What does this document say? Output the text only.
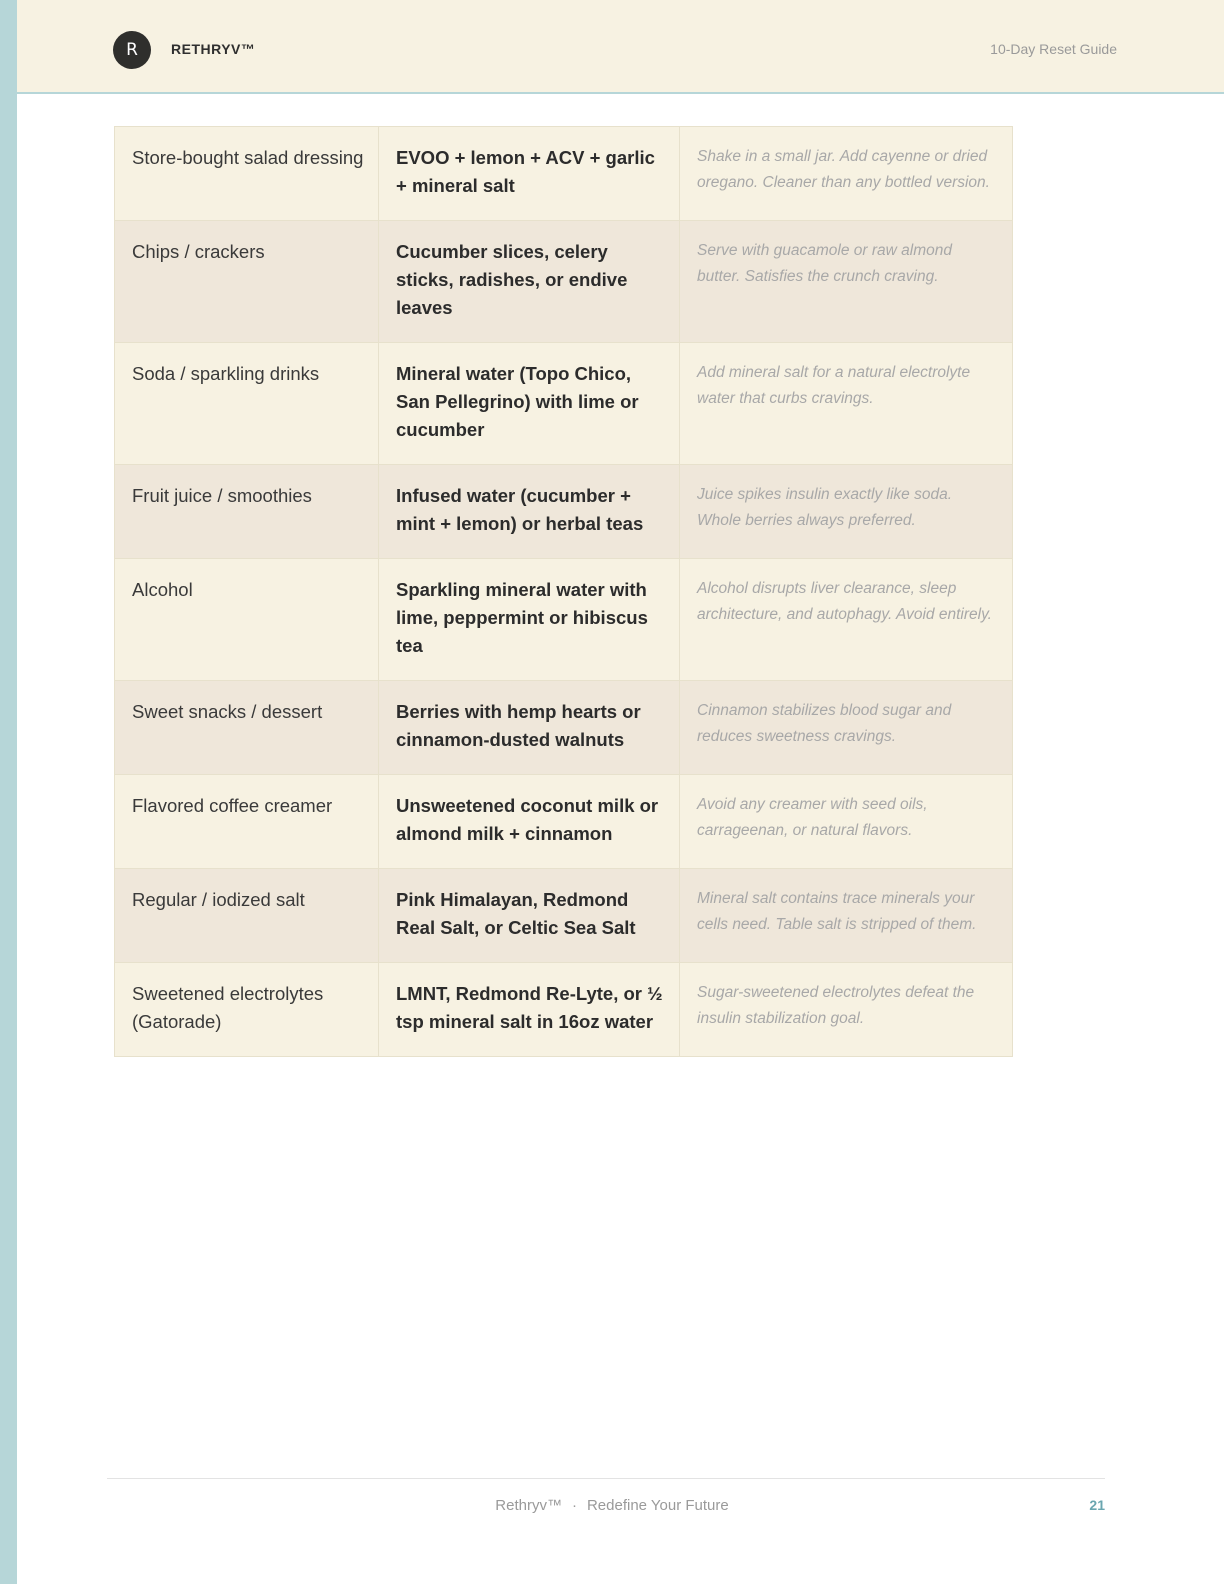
R	RETHRYV™	10-Day Reset Guide
Store-bought salad dressing	EVOO + lemon + ACV + garlic + mineral salt	Shake in a small jar. Add cayenne or dried oregano. Cleaner than any bottled version.
Chips / crackers	Cucumber slices, celery sticks, radishes, or endive leaves	Serve with guacamole or raw almond butter. Satisfies the crunch craving.
Soda / sparkling drinks	Mineral water (Topo Chico, San Pellegrino) with lime or cucumber	Add mineral salt for a natural electrolyte water that curbs cravings.
Fruit juice / smoothies	Infused water (cucumber + mint + lemon) or herbal teas	Juice spikes insulin exactly like soda. Whole berries always preferred.
Alcohol	Sparkling mineral water with lime, peppermint or hibiscus tea	Alcohol disrupts liver clearance, sleep architecture, and autophagy. Avoid entirely.
Sweet snacks / dessert	Berries with hemp hearts or cinnamon-dusted walnuts	Cinnamon stabilizes blood sugar and reduces sweetness cravings.
Flavored coffee creamer	Unsweetened coconut milk or almond milk + cinnamon	Avoid any creamer with seed oils, carrageenan, or natural flavors.
Regular / iodized salt	Pink Himalayan, Redmond Real Salt, or Celtic Sea Salt	Mineral salt contains trace minerals your cells need. Table salt is stripped of them.
Sweetened electrolytes (Gatorade)	LMNT, Redmond Re-Lyte, or ½ tsp mineral salt in 16oz water	Sugar-sweetened electrolytes defeat the insulin stabilization goal.
Rethryv™ · Redefine Your Future	21
